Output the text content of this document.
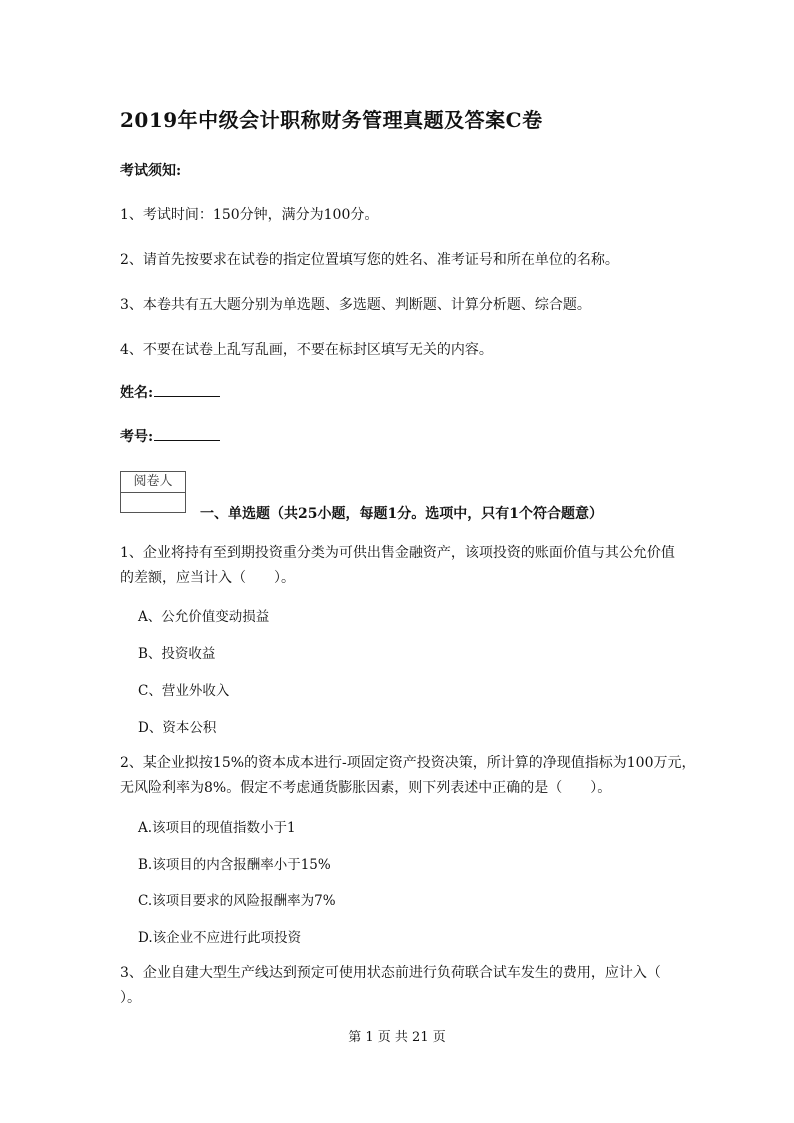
2019年中级会计职称财务管理真题及答案C卷
考试须知:
1、考试时间：150分钟，满分为100分。
2、请首先按要求在试卷的指定位置填写您的姓名、准考证号和所在单位的名称。
3、本卷共有五大题分别为单选题、多选题、判断题、计算分析题、综合题。
4、不要在试卷上乱写乱画，不要在标封区填写无关的内容。
姓名:
考号:
阅卷人
一、单选题（共25小题，每题1分。选项中，只有1个符合题意）
1、企业将持有至到期投资重分类为可供出售金融资产，该项投资的账面价值与其公允价值
的差额，应当计入（　　）。
A、公允价值变动损益
B、投资收益
C、营业外收入
D、资本公积
2、某企业拟按15%的资本成本进行-项固定资产投资决策，所计算的净现值指标为100万元，
无风险利率为8%。假定不考虑通货膨胀因素，则下列表述中正确的是（　　）。
A.该项目的现值指数小于1
B.该项目的内含报酬率小于15%
C.该项目要求的风险报酬率为7%
D.该企业不应进行此项投资
3、企业自建大型生产线达到预定可使用状态前进行负荷联合试车发生的费用，应计入（
）。
第 1 页 共 21 页
